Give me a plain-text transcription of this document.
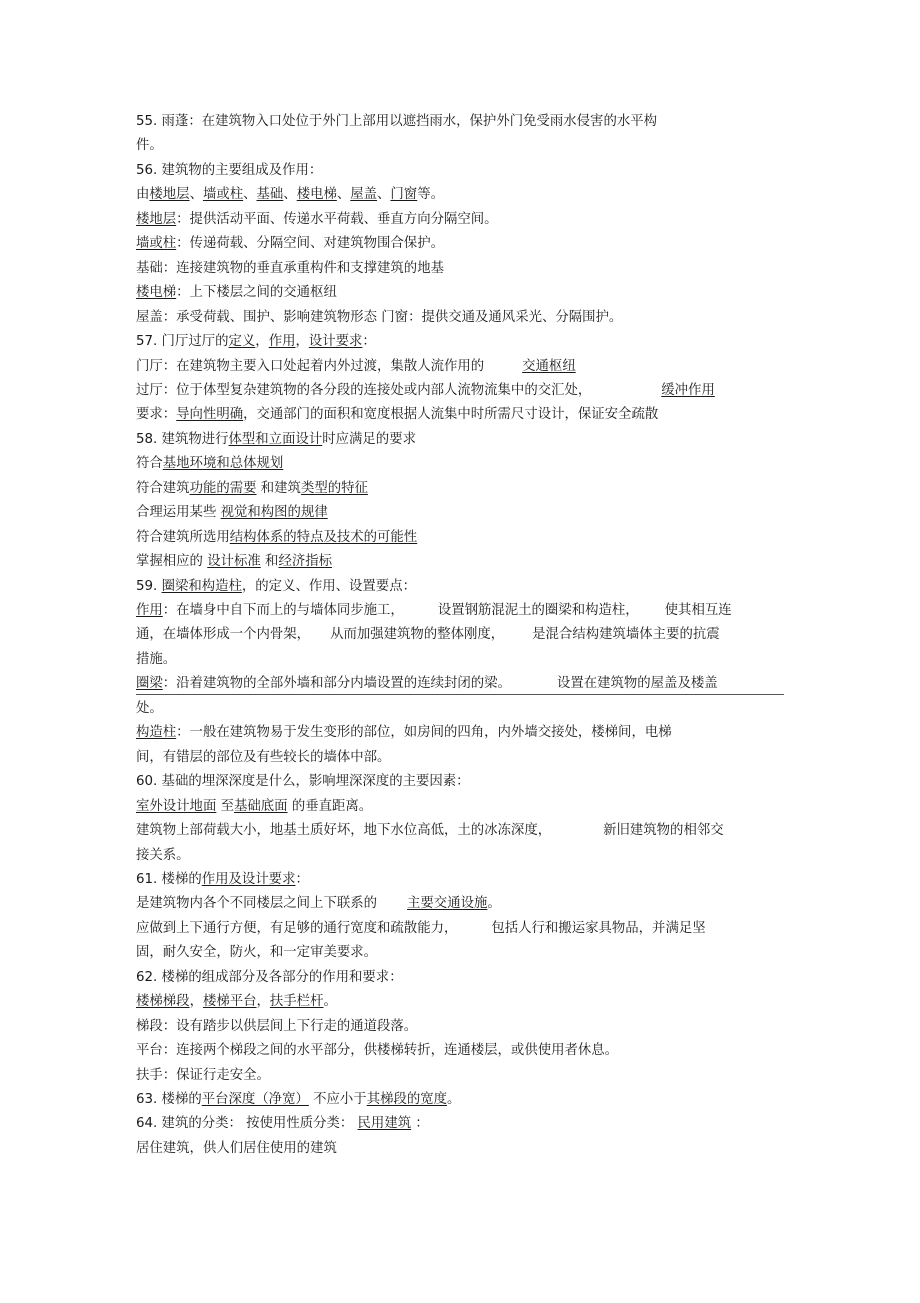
55. 雨蓬：在建筑物入口处位于外门上部用以遮挡雨水，保护外门免受雨水侵害的水平构
件。
56. 建筑物的主要组成及作用：
由楼地层、墙或柱、基础、楼电梯、屋盖、门窗等。
楼地层：提供活动平面、传递水平荷载、垂直方向分隔空间。
墙或柱：传递荷载、分隔空间、对建筑物围合保护。
基础：连接建筑物的垂直承重构件和支撑建筑的地基
楼电梯：上下楼层之间的交通枢纽
屋盖：承受荷载、围护、影响建筑物形态 门窗：提供交通及通风采光、分隔围护。
57. 门厅过厅的定义，作用，设计要求：
门厅：在建筑物主要入口处起着内外过渡，集散人流作用的	交通枢纽
过厅：位于体型复杂建筑物的各分段的连接处或内部人流物流集中的交汇处，	缓冲作用
要求：导向性明确，交通部门的面积和宽度根据人流集中时所需尺寸设计，保证安全疏散
58. 建筑物进行体型和立面设计时应满足的要求
符合基地环境和总体规划
符合建筑功能的需要 和建筑类型的特征
合理运用某些 视觉和构图的规律
符合建筑所选用结构体系的特点及技术的可能性
掌握相应的 设计标准 和经济指标
59. 圈梁和构造柱，的定义、作用、设置要点：
作用：在墙身中自下而上的与墙体同步施工，	设置钢筋混泥土的圈梁和构造柱， 使其相互连
通，在墙体形成一个内骨架， 从而加强建筑物的整体刚度， 是混合结构建筑墙体主要的抗震
措施。
圈梁：沿着建筑物的全部外墙和部分内墙设置的连续封闭的梁。	设置在建筑物的屋盖及楼盖
处。
构造柱：一般在建筑物易于发生变形的部位，如房间的四角，内外墙交接处，楼梯间，电梯
间，有错层的部位及有些较长的墙体中部。
60. 基础的埋深深度是什么，影响埋深深度的主要因素：
室外设计地面 至基础底面 的垂直距离。
建筑物上部荷载大小，地基土质好坏，地下水位高低，土的冰冻深度，	新旧建筑物的相邻交
接关系。
61. 楼梯的作用及设计要求：
是建筑物内各个不同楼层之间上下联系的 主要交通设施。
应做到上下通行方便，有足够的通行宽度和疏散能力，	包括人行和搬运家具物品，并满足坚
固，耐久安全，防火，和一定审美要求。
62. 楼梯的组成部分及各部分的作用和要求：
楼梯梯段，楼梯平台，扶手栏杆。
梯段：设有踏步以供层间上下行走的通道段落。
平台：连接两个梯段之间的水平部分，供楼梯转折，连通楼层，或供使用者休息。
扶手：保证行走安全。
63. 楼梯的平台深度（净宽） 不应小于其梯段的宽度。
64. 建筑的分类： 按使用性质分类： 民用建筑 ：
居住建筑，供人们居住使用的建筑
